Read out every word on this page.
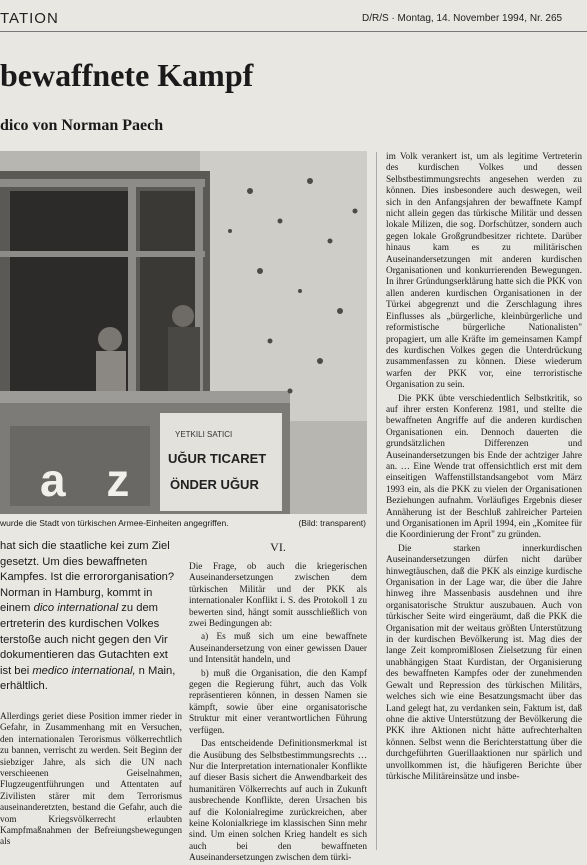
TATION	D/R/S · Montag, 14. November 1994, Nr. 265
bewaffnete Kampf
dico von Norman Paech
a z
YETKILI SATICI
UĞUR TICARET
ÖNDER UĞUR
wurde die Stadt von türkischen Armee-Einheiten angegriffen.	(Bild: transparent)
hat sich die staatliche kei zum Ziel gesetzt. Um dies bewaffneten Kampfes. Ist die errororganisation? Norman in Hamburg, kommt in einem dico international zu dem ertreterin des kurdischen Volkes terstoße auch nicht gegen den Vir dokumentieren das Gutachten ext ist bei medico international, n Main, erhältlich.

Allerdings geriet diese Position immer rieder in Gefahr, in Zusammenhang mit en Versuchen, den internationalen Terorismus völkerrechtlich zu bannen, verrischt zu werden. Seit Beginn der siebziger Jahre, als sich die UN nach verschieenen Geiselnahmen, Flugzeugentführungen und Attentaten auf Zivilisten stärer mit dem Terrorismus auseinanderetzten, bestand die Gefahr, auch die vom Kriegsvölkerrecht erlaubten Kampfmaßnahmen der Befreiungsbewegungen als

VI.

Die Frage, ob auch die kriegerischen Auseinandersetzungen zwischen dem türkischen Militär und der PKK als internationaler Konflikt i. S. des Protokoll 1 zu bewerten sind, hängt somit ausschließlich von zwei Bedingungen ab:

a) Es muß sich um eine bewaffnete Auseinandersetzung von einer gewissen Dauer und Intensität handeln, und

b) muß die Organisation, die den Kampf gegen die Regierung führt, auch das Volk repräsentieren können, in dessen Namen sie kämpft, sowie über eine organisatorische Struktur mit einer verantwortlichen Führung verfügen.

Das entscheidende Definitionsmerkmal ist die Ausübung des Selbstbestimmungsrechts … Nur die Interpretation internationaler Konflikte auf dieser Basis sichert die Anwendbarkeit des humanitären Völkerrechts auf auch in Zukunft ausbrechende Konflikte, deren Ursachen bis auf die Kolonialregime zurückreichen, aber keine Kolonialkriege im klassischen Sinn mehr sind. Um einen solchen Krieg handelt es sich auch bei den bewaffneten Auseinandersetzungen zwischen dem türki-

im Volk verankert ist, um als legitime Vertreterin des kurdischen Volkes und dessen Selbstbestimmungsrechts angesehen werden zu können. Dies insbesondere auch deswegen, weil sich in den Anfangsjahren der bewaffnete Kampf nicht allein gegen das türkische Militär und dessen lokale Milizen, die sog. Dorfschützer, sondern auch gegen lokale Großgrundbesitzer richtete. Darüber hinaus kam es zu militärischen Auseinandersetzungen mit anderen kurdischen Organisationen und konkurrierenden Bewegungen. In ihrer Gründungserklärung hatte sich die PKK von allen anderen kurdischen Organisationen in der Türkei abgegrenzt und die Zerschlagung ihres Einflusses als „bürgerliche, kleinbürgerliche und reformistische bürgerliche Nationalisten" propagiert, um alle Kräfte im gemeinsamen Kampf des kurdischen Volkes gegen die Unterdrückung zusammenfassen zu können. Diese wiederum warfen der PKK vor, eine terroristische Organisation zu sein.

Die PKK übte verschiedentlich Selbstkritik, so auf ihrer ersten Konferenz 1981, und stellte die bewaffneten Angriffe auf die anderen kurdischen Organisationen ein. Dennoch dauerten die grundsätzlichen Differenzen und Auseinandersetzungen bis Ende der achtziger Jahre an. … Eine Wende trat offensichtlich erst mit dem einseitigen Waffenstillstandsangebot vom März 1993 ein, als die PKK zu vielen der Organisationen Beziehungen aufnahm. Vorläufiges Ergebnis dieser Annäherung ist der Beschluß zahlreicher Parteien und Organisationen im April 1994, ein „Komitee für die Koordinierung der Front" zu gründen.

Die starken innerkurdischen Auseinandersetzungen dürfen nicht darüber hinwegtäuschen, daß die PKK als einzige kurdische Organisation in der Lage war, die über die Jahre hinweg ihre Massenbasis ausdehnen und ihre organisatorische Struktur auszubauen. Auch von türkischer Seite wird eingeräumt, daß die PKK die Organisation mit der weitaus größten Unterstützung in der kurdischen Bevölkerung ist. Mag dies der lange Zeit kompromißlosen Zielsetzung für einen unabhängigen Staat Kurdistan, der Organisierung des bewaffneten Kampfes oder der zunehmenden Gewalt und Repression des türkischen Militärs, welches sich wie eine Besatzungsmacht über das Land gelegt hat, zu verdanken sein, Faktum ist, daß ohne die aktive Unterstützung der Bevölkerung die PKK ihre Aktionen nicht hätte aufrechterhalten können. Selbst wenn die Berichterstattung über die durchgeführten Guerillaaktionen nur spärlich und unvollkommen ist, die häufigeren Berichte über türkische Militäreinsätze und insbe-
